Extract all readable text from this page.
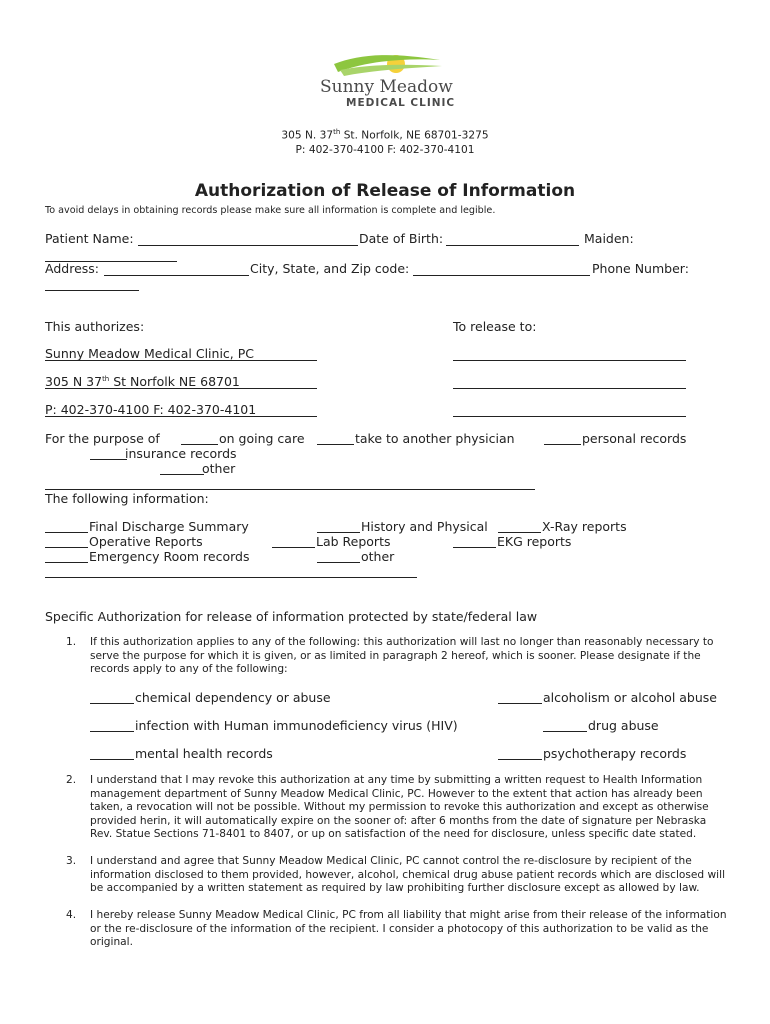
Sunny Meadow
MEDICAL CLINIC
305 N. 37th St. Norfolk, NE 68701-3275
P: 402-370-4100 F: 402-370-4101
Authorization of Release of Information
To avoid delays in obtaining records please make sure all information is complete and legible.
Patient Name:	Date of Birth:	Maiden:
Address:	City, State, and Zip code:	Phone Number:
This authorizes:	To release to:
Sunny Meadow Medical Clinic, PC
305 N 37th St Norfolk NE 68701
P: 402-370-4100 F: 402-370-4101
For the purpose of	on going care	take to another physician	personal records
insurance records
other
The following information:
Final Discharge Summary	History and Physical	X-Ray reports
Operative Reports	Lab Reports	EKG reports
Emergency Room records	other
Specific Authorization for release of information protected by state/federal law
1. If this authorization applies to any of the following: this authorization will last no longer than reasonably necessary to serve the purpose for which it is given, or as limited in paragraph 2 hereof, which is sooner. Please designate if the records apply to any of the following:
chemical dependency or abuse	alcoholism or alcohol abuse
infection with Human immunodeficiency virus (HIV)	drug abuse
mental health records	psychotherapy records
2. I understand that I may revoke this authorization at any time by submitting a written request to Health Information management department of Sunny Meadow Medical Clinic, PC. However to the extent that action has already been taken, a revocation will not be possible. Without my permission to revoke this authorization and except as otherwise provided herin, it will automatically expire on the sooner of: after 6 months from the date of signature per Nebraska Rev. Statue Sections 71-8401 to 8407, or up on satisfaction of the need for disclosure, unless specific date stated.
3. I understand and agree that Sunny Meadow Medical Clinic, PC cannot control the re-disclosure by recipient of the information disclosed to them provided, however, alcohol, chemical drug abuse patient records which are disclosed will be accompanied by a written statement as required by law prohibiting further disclosure except as allowed by law.
4. I hereby release Sunny Meadow Medical Clinic, PC from all liability that might arise from their release of the information or the re-disclosure of the information of the recipient. I consider a photocopy of this authorization to be valid as the original.
